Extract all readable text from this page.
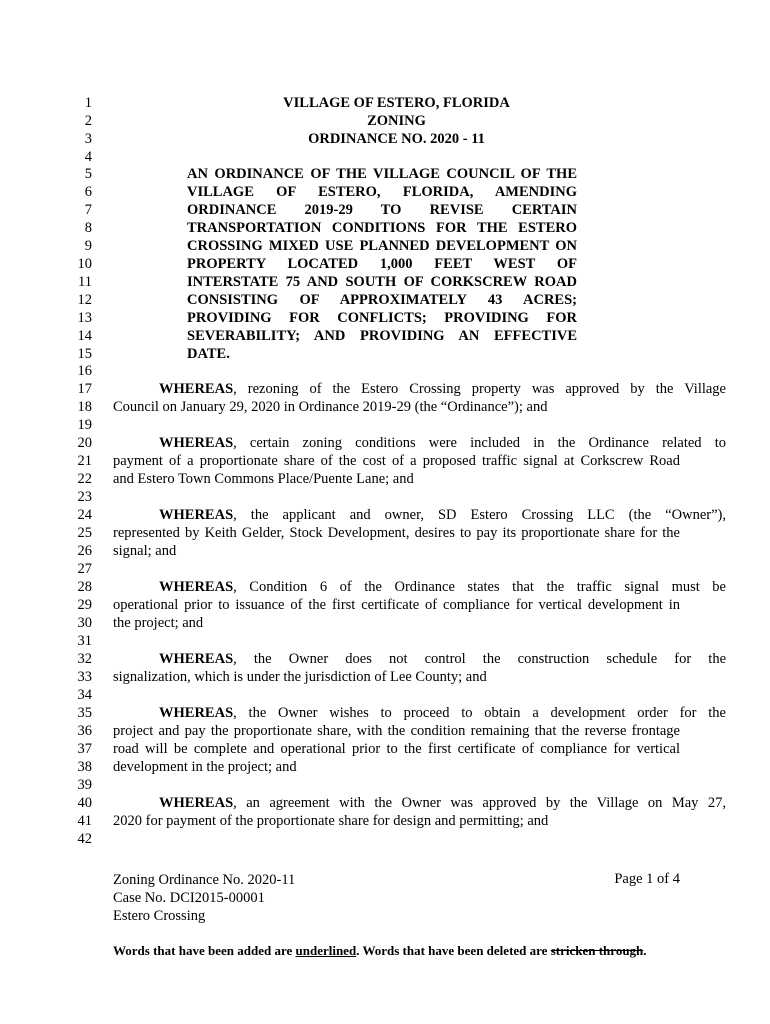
1
2
3
4
5
6
7
8
9
10
11
12
13
14
15
16
17
18
19
20
21
22
23
24
25
26
27
28
29
30
31
32
33
34
35
36
37
38
39
40
41
42
VILLAGE OF ESTERO, FLORIDA
ZONING
ORDINANCE NO. 2020 - 11
AN ORDINANCE OF THE VILLAGE COUNCIL OF THE
VILLAGE OF ESTERO, FLORIDA, AMENDING
ORDINANCE 2019-29 TO REVISE CERTAIN
TRANSPORTATION CONDITIONS FOR THE ESTERO
CROSSING MIXED USE PLANNED DEVELOPMENT ON
PROPERTY LOCATED 1,000 FEET WEST OF
INTERSTATE 75 AND SOUTH OF CORKSCREW ROAD
CONSISTING OF APPROXIMATELY 43 ACRES;
PROVIDING FOR CONFLICTS; PROVIDING FOR
SEVERABILITY; AND PROVIDING AN EFFECTIVE
DATE.
WHEREAS, rezoning of the Estero Crossing property was approved by the Village
Council on January 29, 2020 in Ordinance 2019-29 (the “Ordinance”); and
WHEREAS, certain zoning conditions were included in the Ordinance related to
payment of a proportionate share of the cost of a proposed traffic signal at Corkscrew Road
and Estero Town Commons Place/Puente Lane; and
WHEREAS, the applicant and owner, SD Estero Crossing LLC (the “Owner”),
represented by Keith Gelder, Stock Development, desires to pay its proportionate share for the
signal; and
WHEREAS, Condition 6 of the Ordinance states that the traffic signal must be
operational prior to issuance of the first certificate of compliance for vertical development in
the project; and
WHEREAS, the Owner does not control the construction schedule for the
signalization, which is under the jurisdiction of Lee County; and
WHEREAS, the Owner wishes to proceed to obtain a development order for the
project and pay the proportionate share, with the condition remaining that the reverse frontage
road will be complete and operational prior to the first certificate of compliance for vertical
development in the project; and
WHEREAS, an agreement with the Owner was approved by the Village on May 27,
2020 for payment of the proportionate share for design and permitting; and
Zoning Ordinance No. 2020-11
Case No. DCI2015-00001
Estero Crossing
Page 1 of 4
Words that have been added are underlined. Words that have been deleted are stricken through.
